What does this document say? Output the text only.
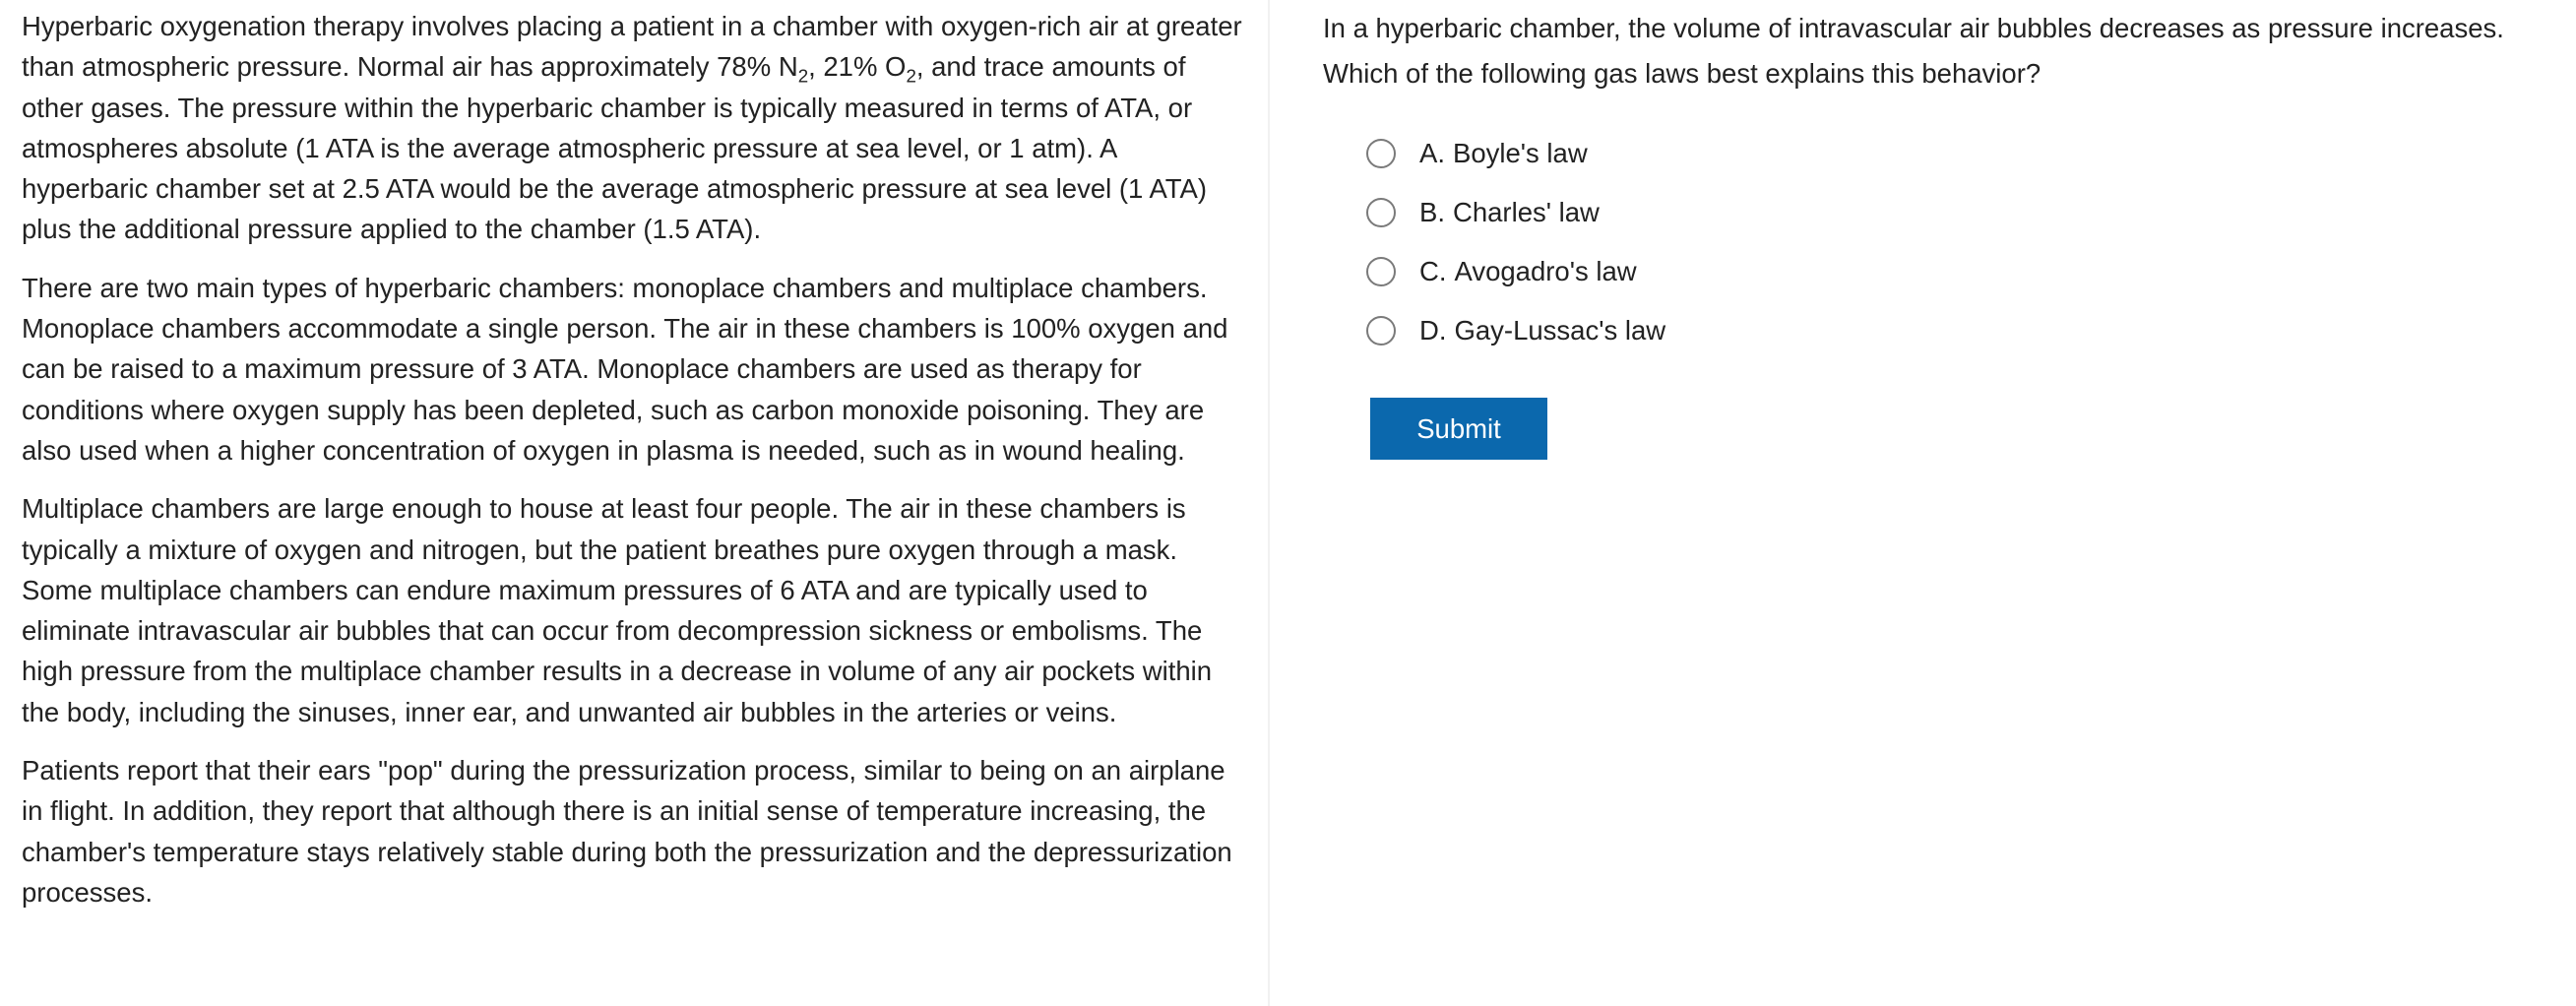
Hyperbaric oxygenation therapy involves placing a patient in a chamber with oxygen-rich air at greater than atmospheric pressure. Normal air has approximately 78% $N_2$, 21% $O_2$, and trace amounts of other gases. The pressure within the hyperbaric chamber is typically measured in terms of ATA, or atmospheres absolute (1 ATA is the average atmospheric pressure at sea level, or 1 atm). A hyperbaric chamber set at 2.5 ATA would be the average atmospheric pressure at sea level (1 ATA) plus the additional pressure applied to the chamber (1.5 ATA).

There are two main types of hyperbaric chambers: monoplace chambers and multiplace chambers. Monoplace chambers accommodate a single person. The air in these chambers is 100% oxygen and can be raised to a maximum pressure of 3 ATA. Monoplace chambers are used as therapy for conditions where oxygen supply has been depleted, such as carbon monoxide poisoning. They are also used when a higher concentration of oxygen in plasma is needed, such as in wound healing.

Multiplace chambers are large enough to house at least four people. The air in these chambers is typically a mixture of oxygen and nitrogen, but the patient breathes pure oxygen through a mask. Some multiplace chambers can endure maximum pressures of 6 ATA and are typically used to eliminate intravascular air bubbles that can occur from decompression sickness or embolisms. The high pressure from the multiplace chamber results in a decrease in volume of any air pockets within the body, including the sinuses, inner ear, and unwanted air bubbles in the arteries or veins.

Patients report that their ears "pop" during the pressurization process, similar to being on an airplane in flight. In addition, they report that although there is an initial sense of temperature increasing, the chamber's temperature stays relatively stable during both the pressurization and the depressurization processes.

In a hyperbaric chamber, the volume of intravascular air bubbles decreases as pressure increases. Which of the following gas laws best explains this behavior?

A. Boyle's law
B. Charles' law
C. Avogadro's law
D. Gay-Lussac's law
Submit
